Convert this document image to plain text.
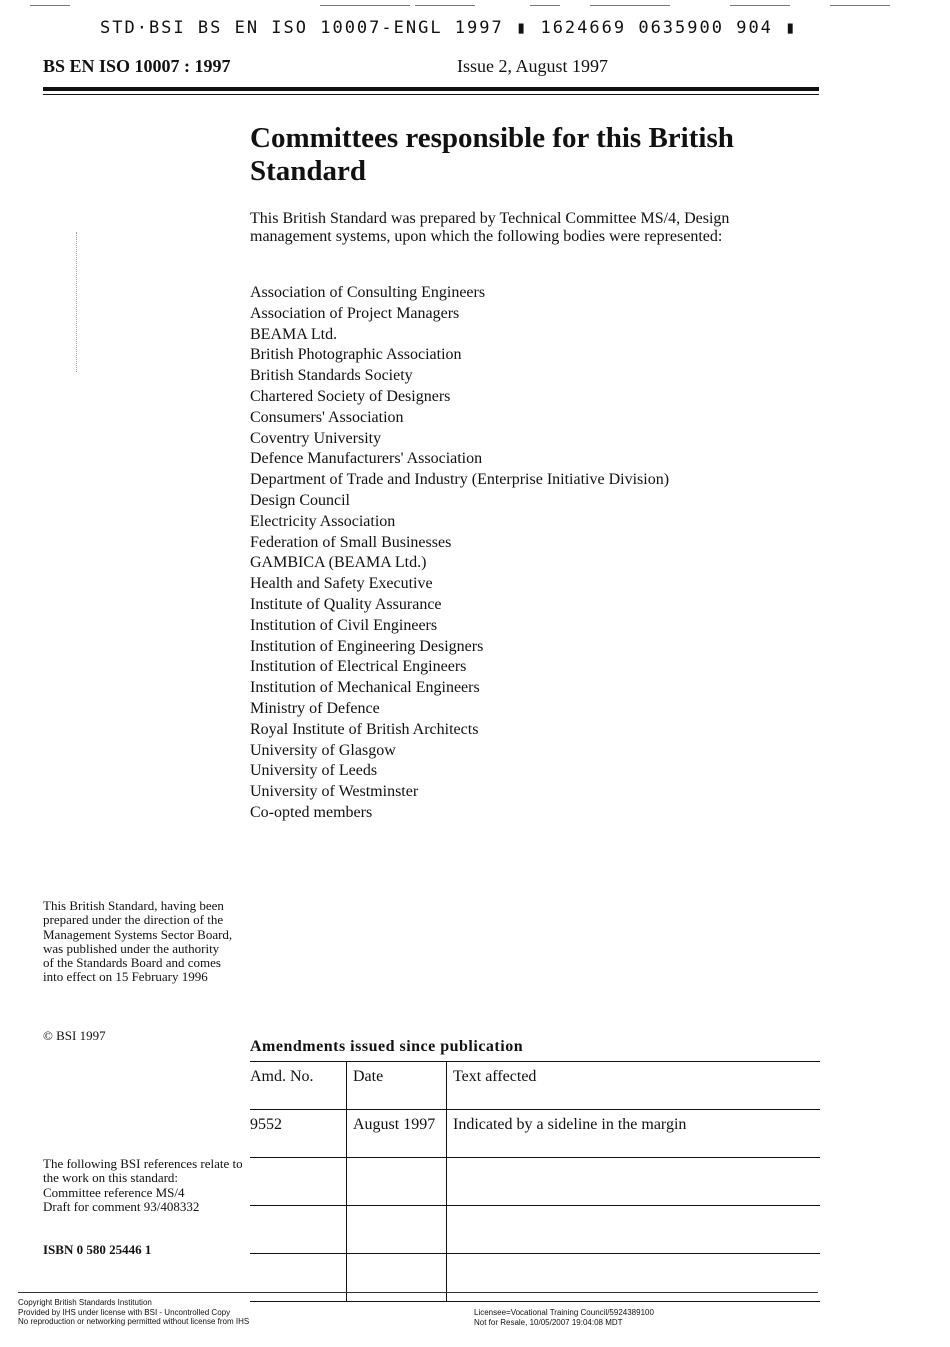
STD·BSI BS EN ISO 10007-ENGL 1997 ▮ 1624669 0635900 904 ▮
BS EN ISO 10007 : 1997	Issue 2, August 1997
Committees responsible for this British Standard
This British Standard was prepared by Technical Committee MS/4, Design management systems, upon which the following bodies were represented:
Association of Consulting Engineers
Association of Project Managers
BEAMA Ltd.
British Photographic Association
British Standards Society
Chartered Society of Designers
Consumers' Association
Coventry University
Defence Manufacturers' Association
Department of Trade and Industry (Enterprise Initiative Division)
Design Council
Electricity Association
Federation of Small Businesses
GAMBICA (BEAMA Ltd.)
Health and Safety Executive
Institute of Quality Assurance
Institution of Civil Engineers
Institution of Engineering Designers
Institution of Electrical Engineers
Institution of Mechanical Engineers
Ministry of Defence
Royal Institute of British Architects
University of Glasgow
University of Leeds
University of Westminster
Co-opted members
This British Standard, having been prepared under the direction of the Management Systems Sector Board, was published under the authority of the Standards Board and comes into effect on 15 February 1996
© BSI 1997
The following BSI references relate to the work on this standard:
Committee reference MS/4
Draft for comment 93/408332
ISBN 0 580 25446 1
Amendments issued since publication
Amd. No.	Date	Text affected
9552	August 1997	Indicated by a sideline in the margin

Copyright British Standards Institution
Provided by IHS under license with BSI - Uncontrolled Copy
No reproduction or networking permitted without license from IHS
Licensee=Vocational Training Council/5924389100
Not for Resale, 10/05/2007 19:04:08 MDT
